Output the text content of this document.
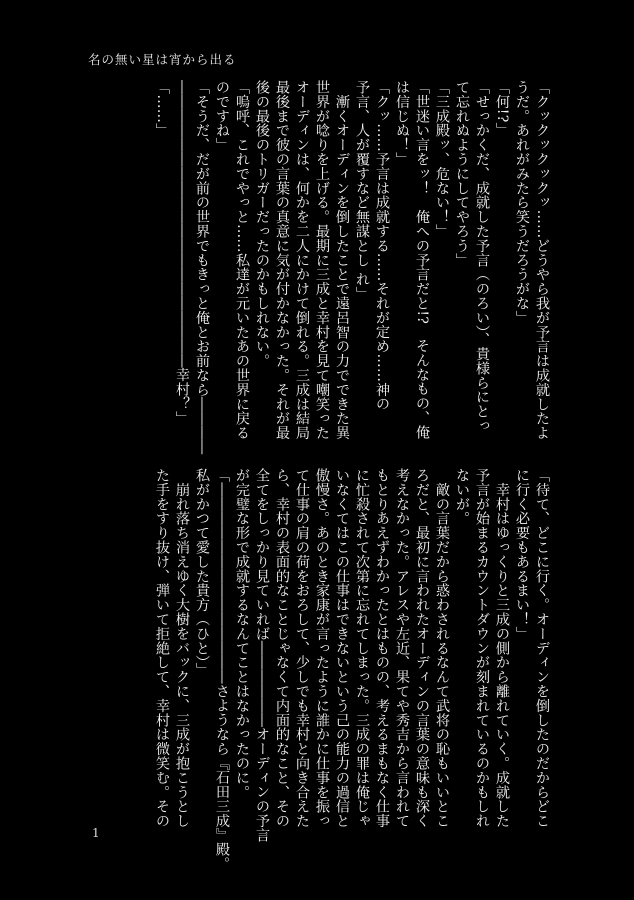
名の無い星は宵から出る
「クックックックッ……どうやら我が予言は成就したよ
うだ。あれがみたら笑うだろうがな」
「何!?」
「せっかくだ、成就した予言（のろい）、貴様らにとっ
て忘れぬようにしてやろう」
「三成殿ッ、危ない！」
「世迷い言をッ！　俺への予言だと!?　そんなもの、俺
は信じぬ！」
「クッ……予言は成就する……それが定め……神の
予言、人が覆すなど無謀とし れ」
　漸くオーディンを倒したことで遠呂智の力でできた異
世界が唸りを上げる。最期に三成と幸村を見て嘲笑った
オーディンは、何かを二人にかけて倒れる。三成は結局
最後まで彼の言葉の真意に気が付かなかった。それが最
後の最後のトリガーだったのかもしれない。
「嗚呼、これでやっと……私達が元いたあの世界に戻る
のですね」
「そうだ、だが前の世界でもきっと俺とお前なら――――
――――――――――――――――――――幸村？」
「……」
「待て、どこに行く。オーディンを倒したのだからどこ
に行く必要もあるまい！」
　幸村はゆっくりと三成の側から離れていく。成就した
予言が始まるカウントダウンが刻まれているのかもしれ
ないが。
　敵の言葉だから惑わされるなんて武将の恥もいいとこ
ろだと、最初に言われたオーディンの言葉の意味も深く
考えなかった。アレスや左近、果てや秀吉から言われて
もとりあえずわかったとはものの、考えるまもなく仕事
に忙殺されて次第に忘れてしまった。三成の罪は俺じゃ
いなくてはこの仕事はできないという己の能力の過信と
傲慢さ。あのとき家康が言ったように誰かに仕事を振っ
て仕事の肩の荷をおろして、少しでも幸村と向き合えた
ら、幸村の表面的なことじゃなくて内面的なこと、その
全てをしっかり見ていれば――――――オーディンの予言
が完璧な形で成就するなんてことはなかったのに。
「――――――――――――――さようなら『石田三成』殿。
私がかつて愛した貴方（ひと）」
　崩れ落ち消えゆく大樹をバックに、三成が抱こうとし
た手をすり抜け、弾いて拒絶して、幸村は微笑む。その
1
